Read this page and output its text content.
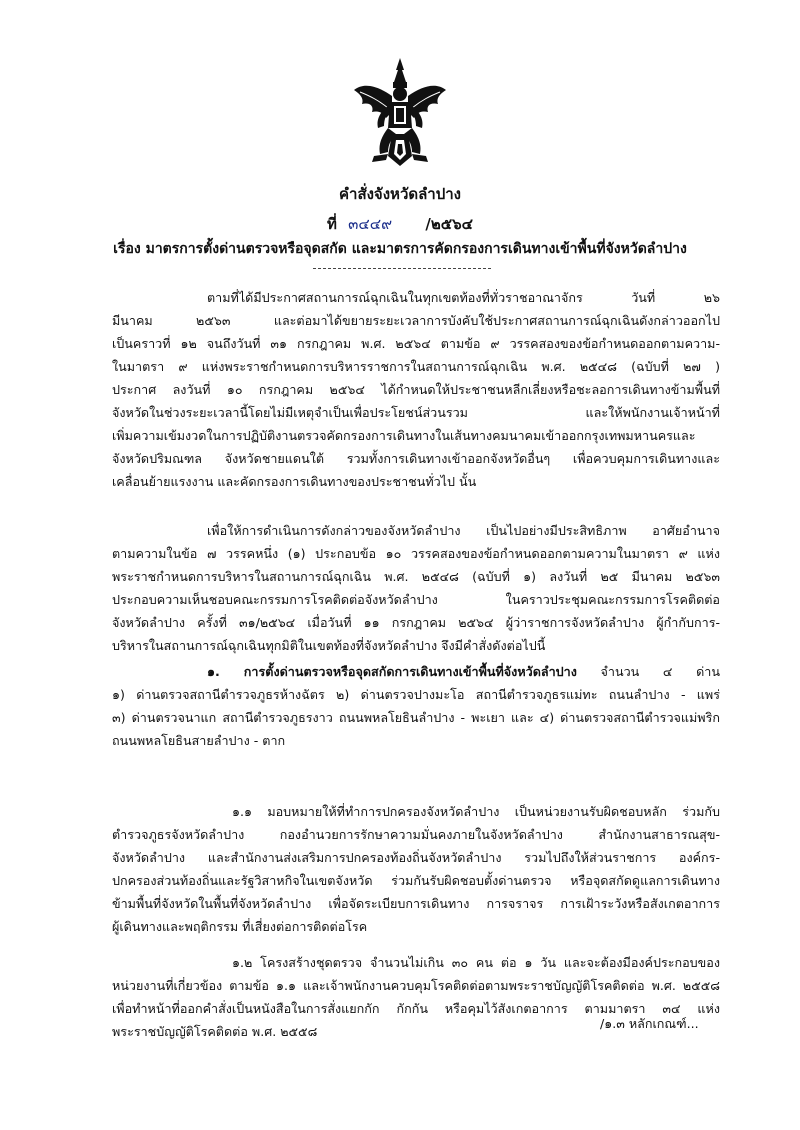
คำสั่งจังหวัดลำปาง
ที่ ๓๔๔๙ /๒๕๖๔
เรื่อง มาตรการตั้งด่านตรวจหรือจุดสกัด และมาตรการคัดกรองการเดินทางเข้าพื้นที่จังหวัดลำปาง
ตามที่ได้มีประกาศสถานการณ์ฉุกเฉินในทุกเขตท้องที่ทั่วราชอาณาจักร วันที่ ๒๖
มีนาคม ๒๕๖๓ และต่อมาได้ขยายระยะเวลาการบังคับใช้ประกาศสถานการณ์ฉุกเฉินดังกล่าวออกไป
เป็นคราวที่ ๑๒ จนถึงวันที่ ๓๑ กรกฎาคม พ.ศ. ๒๕๖๔ ตามข้อ ๙ วรรคสองของข้อกำหนดออกตามความ-
ในมาตรา ๙ แห่งพระราชกำหนดการบริหารราชการในสถานการณ์ฉุกเฉิน พ.ศ. ๒๕๔๘ (ฉบับที่ ๒๗ )
ประกาศ ลงวันที่ ๑๐ กรกฎาคม ๒๕๖๔ ได้กำหนดให้ประชาชนหลีกเลี่ยงหรือชะลอการเดินทางข้ามพื้นที่
จังหวัดในช่วงระยะเวลานี้โดยไม่มีเหตุจำเป็นเพื่อประโยชน์ส่วนรวม และให้พนักงานเจ้าหน้าที่
เพิ่มความเข้มงวดในการปฏิบัติงานตรวจคัดกรองการเดินทางในเส้นทางคมนาคมเข้าออกกรุงเทพมหานครและ
จังหวัดปริมณฑล จังหวัดชายแดนใต้ รวมทั้งการเดินทางเข้าออกจังหวัดอื่นๆ เพื่อควบคุมการเดินทางและ
เคลื่อนย้ายแรงงาน และคัดกรองการเดินทางของประชาชนทั่วไป นั้น
เพื่อให้การดำเนินการดังกล่าวของจังหวัดลำปาง เป็นไปอย่างมีประสิทธิภาพ อาศัยอำนาจ
ตามความในข้อ ๗ วรรคหนึ่ง (๑) ประกอบข้อ ๑๐ วรรคสองของข้อกำหนดออกตามความในมาตรา ๙ แห่ง
พระราชกำหนดการบริหารในสถานการณ์ฉุกเฉิน พ.ศ. ๒๕๔๘ (ฉบับที่ ๑) ลงวันที่ ๒๕ มีนาคม ๒๕๖๓
ประกอบความเห็นชอบคณะกรรมการโรคติดต่อจังหวัดลำปาง ในคราวประชุมคณะกรรมการโรคติดต่อ
จังหวัดลำปาง ครั้งที่ ๓๑/๒๕๖๔ เมื่อวันที่ ๑๑ กรกฎาคม ๒๕๖๔ ผู้ว่าราชการจังหวัดลำปาง ผู้กำกับการ-
บริหารในสถานการณ์ฉุกเฉินทุกมิติในเขตท้องที่จังหวัดลำปาง จึงมีคำสั่งดังต่อไปนี้
๑. การตั้งด่านตรวจหรือจุดสกัดการเดินทางเข้าพื้นที่จังหวัดลำปาง จำนวน ๔ ด่าน
๑) ด่านตรวจสถานีตำรวจภูธรห้างฉัตร ๒) ด่านตรวจปางมะโอ สถานีตำรวจภูธรแม่ทะ ถนนลำปาง - แพร่
๓) ด่านตรวจนาแก สถานีตำรวจภูธรงาว ถนนพหลโยธินลำปาง - พะเยา และ ๔) ด่านตรวจสถานีตำรวจแม่พริก
ถนนพหลโยธินสายลำปาง - ตาก
๑.๑ มอบหมายให้ที่ทำการปกครองจังหวัดลำปาง เป็นหน่วยงานรับผิดชอบหลัก ร่วมกับ
ตำรวจภูธรจังหวัดลำปาง กองอำนวยการรักษาความมั่นคงภายในจังหวัดลำปาง สำนักงานสาธารณสุข-
จังหวัดลำปาง และสำนักงานส่งเสริมการปกครองท้องถิ่นจังหวัดลำปาง รวมไปถึงให้ส่วนราชการ องค์กร-
ปกครองส่วนท้องถิ่นและรัฐวิสาหกิจในเขตจังหวัด ร่วมกันรับผิดชอบตั้งด่านตรวจ หรือจุดสกัดดูแลการเดินทาง
ข้ามพื้นที่จังหวัดในพื้นที่จังหวัดลำปาง เพื่อจัดระเบียบการเดินทาง การจราจร การเฝ้าระวังหรือสังเกตอาการ
ผู้เดินทางและพฤติกรรม ที่เสี่ยงต่อการติดต่อโรค
๑.๒ โครงสร้างชุดตรวจ จำนวนไม่เกิน ๓๐ คน ต่อ ๑ วัน และจะต้องมีองค์ประกอบของ
หน่วยงานที่เกี่ยวข้อง ตามข้อ ๑.๑ และเจ้าพนักงานควบคุมโรคติดต่อตามพระราชบัญญัติโรคติดต่อ พ.ศ. ๒๕๕๘
เพื่อทำหน้าที่ออกคำสั่งเป็นหนังสือในการสั่งแยกกัก กักกัน หรือคุมไว้สังเกตอาการ ตามมาตรา ๓๔ แห่ง
พระราชบัญญัติโรคติดต่อ พ.ศ. ๒๕๕๘
/๑.๓ หลักเกณฑ์...
